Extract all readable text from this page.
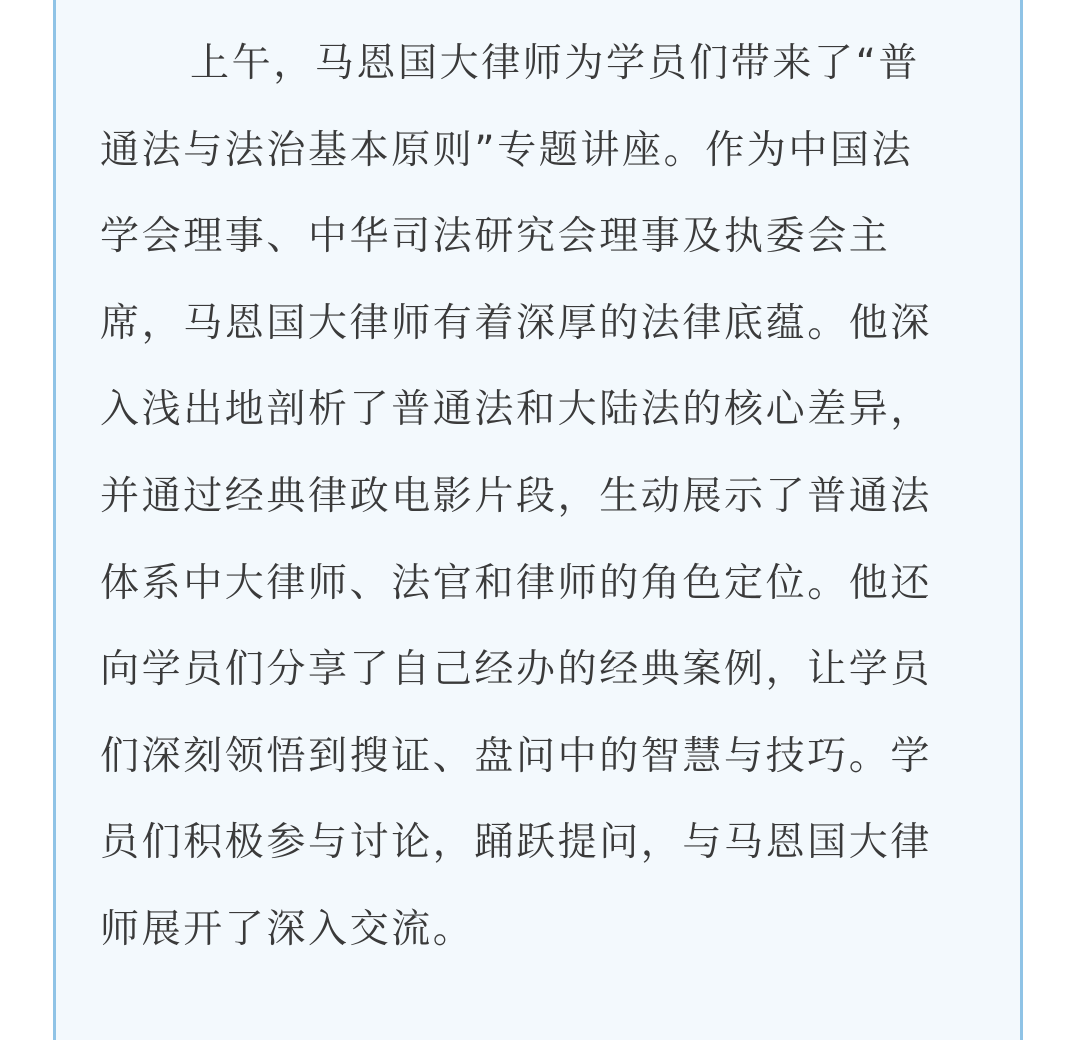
上午，马恩国大律师为学员们带来了“普
通法与法治基本原则”专题讲座。作为中国法
学会理事、中华司法研究会理事及执委会主
席，马恩国大律师有着深厚的法律底蕴。他深
入浅出地剖析了普通法和大陆法的核心差异，
并通过经典律政电影片段，生动展示了普通法
体系中大律师、法官和律师的角色定位。他还
向学员们分享了自己经办的经典案例，让学员
们深刻领悟到搜证、盘问中的智慧与技巧。学
员们积极参与讨论，踊跃提问，与马恩国大律
师展开了深入交流。
